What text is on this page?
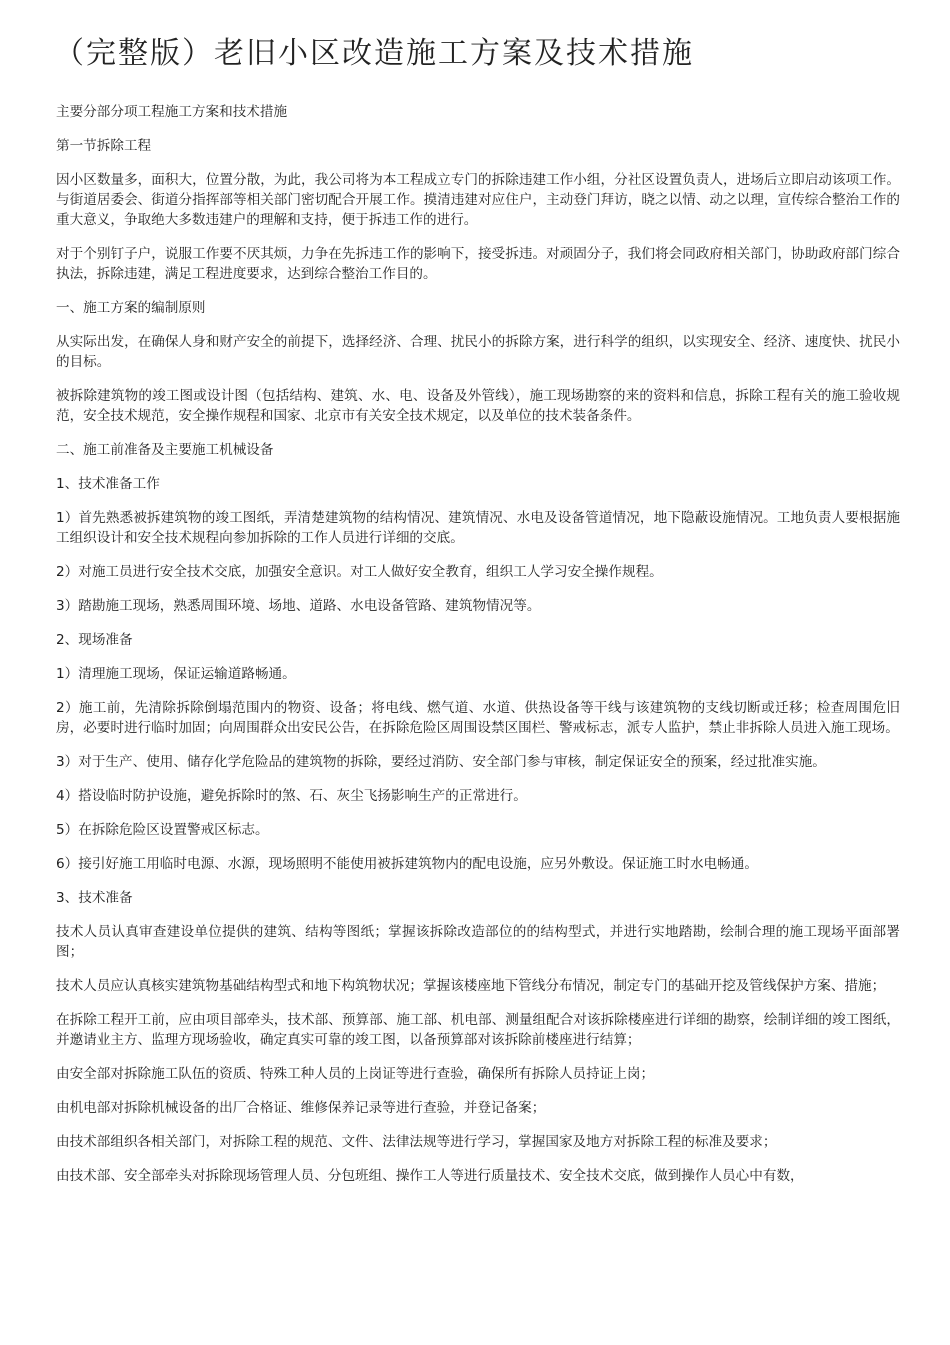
（完整版）老旧小区改造施工方案及技术措施

主要分部分项工程施工方案和技术措施

第一节拆除工程

因小区数量多，面积大，位置分散，为此，我公司将为本工程成立专门的拆除违建工作小组，分社区设置负责人，进场后立即启动该项工作。与街道居委会、街道分指挥部等相关部门密切配合开展工作。摸清违建对应住户，主动登门拜访，晓之以情、动之以理，宣传综合整治工作的重大意义，争取绝大多数违建户的理解和支持，便于拆违工作的进行。

对于个别钉子户，说服工作要不厌其烦，力争在先拆违工作的影响下，接受拆违。对顽固分子，我们将会同政府相关部门，协助政府部门综合执法，拆除违建，满足工程进度要求，达到综合整治工作目的。

一、施工方案的编制原则

从实际出发，在确保人身和财产安全的前提下，选择经济、合理、扰民小的拆除方案，进行科学的组织，以实现安全、经济、速度快、扰民小的目标。

被拆除建筑物的竣工图或设计图（包括结构、建筑、水、电、设备及外管线），施工现场勘察的来的资料和信息，拆除工程有关的施工验收规范，安全技术规范，安全操作规程和国家、北京市有关安全技术规定，以及单位的技术装备条件。

二、施工前准备及主要施工机械设备

1、技术准备工作

1）首先熟悉被拆建筑物的竣工图纸，弄清楚建筑物的结构情况、建筑情况、水电及设备管道情况，地下隐蔽设施情况。工地负责人要根据施工组织设计和安全技术规程向参加拆除的工作人员进行详细的交底。

2）对施工员进行安全技术交底，加强安全意识。对工人做好安全教育，组织工人学习安全操作规程。

3）踏勘施工现场，熟悉周围环境、场地、道路、水电设备管路、建筑物情况等。

2、现场准备

1）清理施工现场，保证运输道路畅通。

2）施工前，先清除拆除倒塌范围内的物资、设备；将电线、燃气道、水道、供热设备等干线与该建筑物的支线切断或迁移；检查周围危旧房，必要时进行临时加固；向周围群众出安民公告，在拆除危险区周围设禁区围栏、警戒标志，派专人监护，禁止非拆除人员进入施工现场。

3）对于生产、使用、储存化学危险品的建筑物的拆除，要经过消防、安全部门参与审核，制定保证安全的预案，经过批准实施。

4）搭设临时防护设施，避免拆除时的煞、石、灰尘飞扬影响生产的正常进行。

5）在拆除危险区设置警戒区标志。

6）接引好施工用临时电源、水源，现场照明不能使用被拆建筑物内的配电设施，应另外敷设。保证施工时水电畅通。

3、技术准备

技术人员认真审查建设单位提供的建筑、结构等图纸；掌握该拆除改造部位的的结构型式，并进行实地踏勘，绘制合理的施工现场平面部署图；

技术人员应认真核实建筑物基础结构型式和地下构筑物状况；掌握该楼座地下管线分布情况，制定专门的基础开挖及管线保护方案、措施；

在拆除工程开工前，应由项目部牵头，技术部、预算部、施工部、机电部、测量组配合对该拆除楼座进行详细的勘察，绘制详细的竣工图纸，并邀请业主方、监理方现场验收，确定真实可靠的竣工图，以备预算部对该拆除前楼座进行结算；

由安全部对拆除施工队伍的资质、特殊工种人员的上岗证等进行查验，确保所有拆除人员持证上岗；

由机电部对拆除机械设备的出厂合格证、维修保养记录等进行查验，并登记备案；

由技术部组织各相关部门，对拆除工程的规范、文件、法律法规等进行学习，掌握国家及地方对拆除工程的标准及要求；

由技术部、安全部牵头对拆除现场管理人员、分包班组、操作工人等进行质量技术、安全技术交底，做到操作人员心中有数，
